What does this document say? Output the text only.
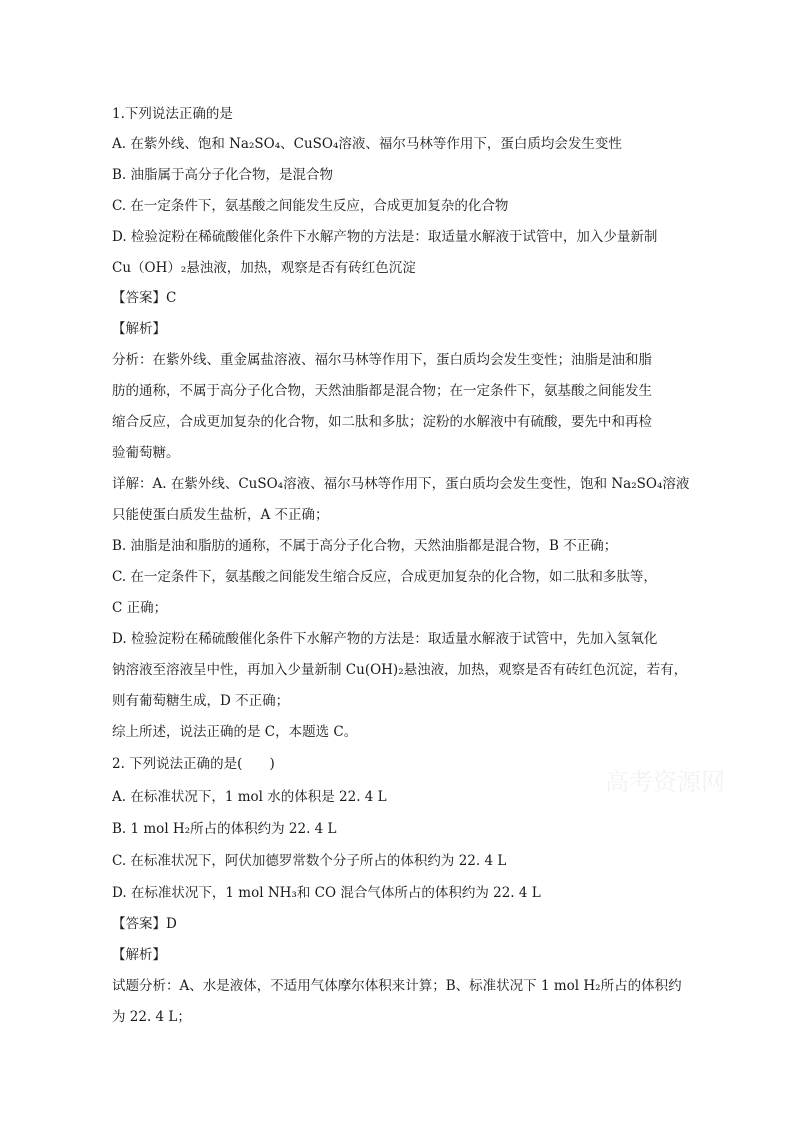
1.下列说法正确的是
A. 在紫外线、饱和 Na₂SO₄、CuSO₄溶液、福尔马林等作用下，蛋白质均会发生变性
B. 油脂属于高分子化合物，是混合物
C. 在一定条件下，氨基酸之间能发生反应，合成更加复杂的化合物
D. 检验淀粉在稀硫酸催化条件下水解产物的方法是：取适量水解液于试管中，加入少量新制
Cu（OH）₂悬浊液，加热，观察是否有砖红色沉淀
【答案】C
【解析】
分析：在紫外线、重金属盐溶液、福尔马林等作用下，蛋白质均会发生变性；油脂是油和脂
肪的通称，不属于高分子化合物，天然油脂都是混合物；在一定条件下，氨基酸之间能发生
缩合反应，合成更加复杂的化合物，如二肽和多肽；淀粉的水解液中有硫酸，要先中和再检
验葡萄糖。
详解：A. 在紫外线、CuSO₄溶液、福尔马林等作用下，蛋白质均会发生变性，饱和 Na₂SO₄溶液
只能使蛋白质发生盐析，A 不正确；
B. 油脂是油和脂肪的通称，不属于高分子化合物，天然油脂都是混合物，B 不正确；
C. 在一定条件下，氨基酸之间能发生缩合反应，合成更加复杂的化合物，如二肽和多肽等，
C 正确；
D. 检验淀粉在稀硫酸催化条件下水解产物的方法是：取适量水解液于试管中，先加入氢氧化
钠溶液至溶液呈中性，再加入少量新制 Cu(OH)₂悬浊液，加热，观察是否有砖红色沉淀，若有，
则有葡萄糖生成，D 不正确；
综上所述，说法正确的是 C，本题选 C。
2. 下列说法正确的是(　　)
A. 在标准状况下，1 mol 水的体积是 22. 4 L
B. 1 mol H₂所占的体积约为 22. 4 L
C. 在标准状况下，阿伏加德罗常数个分子所占的体积约为 22. 4 L
D. 在标准状况下，1 mol NH₃和 CO 混合气体所占的体积约为 22. 4 L
【答案】D
【解析】
试题分析：A、水是液体，不适用气体摩尔体积来计算；B、标准状况下 1 mol H₂所占的体积约
为 22. 4 L；
高考资源网
